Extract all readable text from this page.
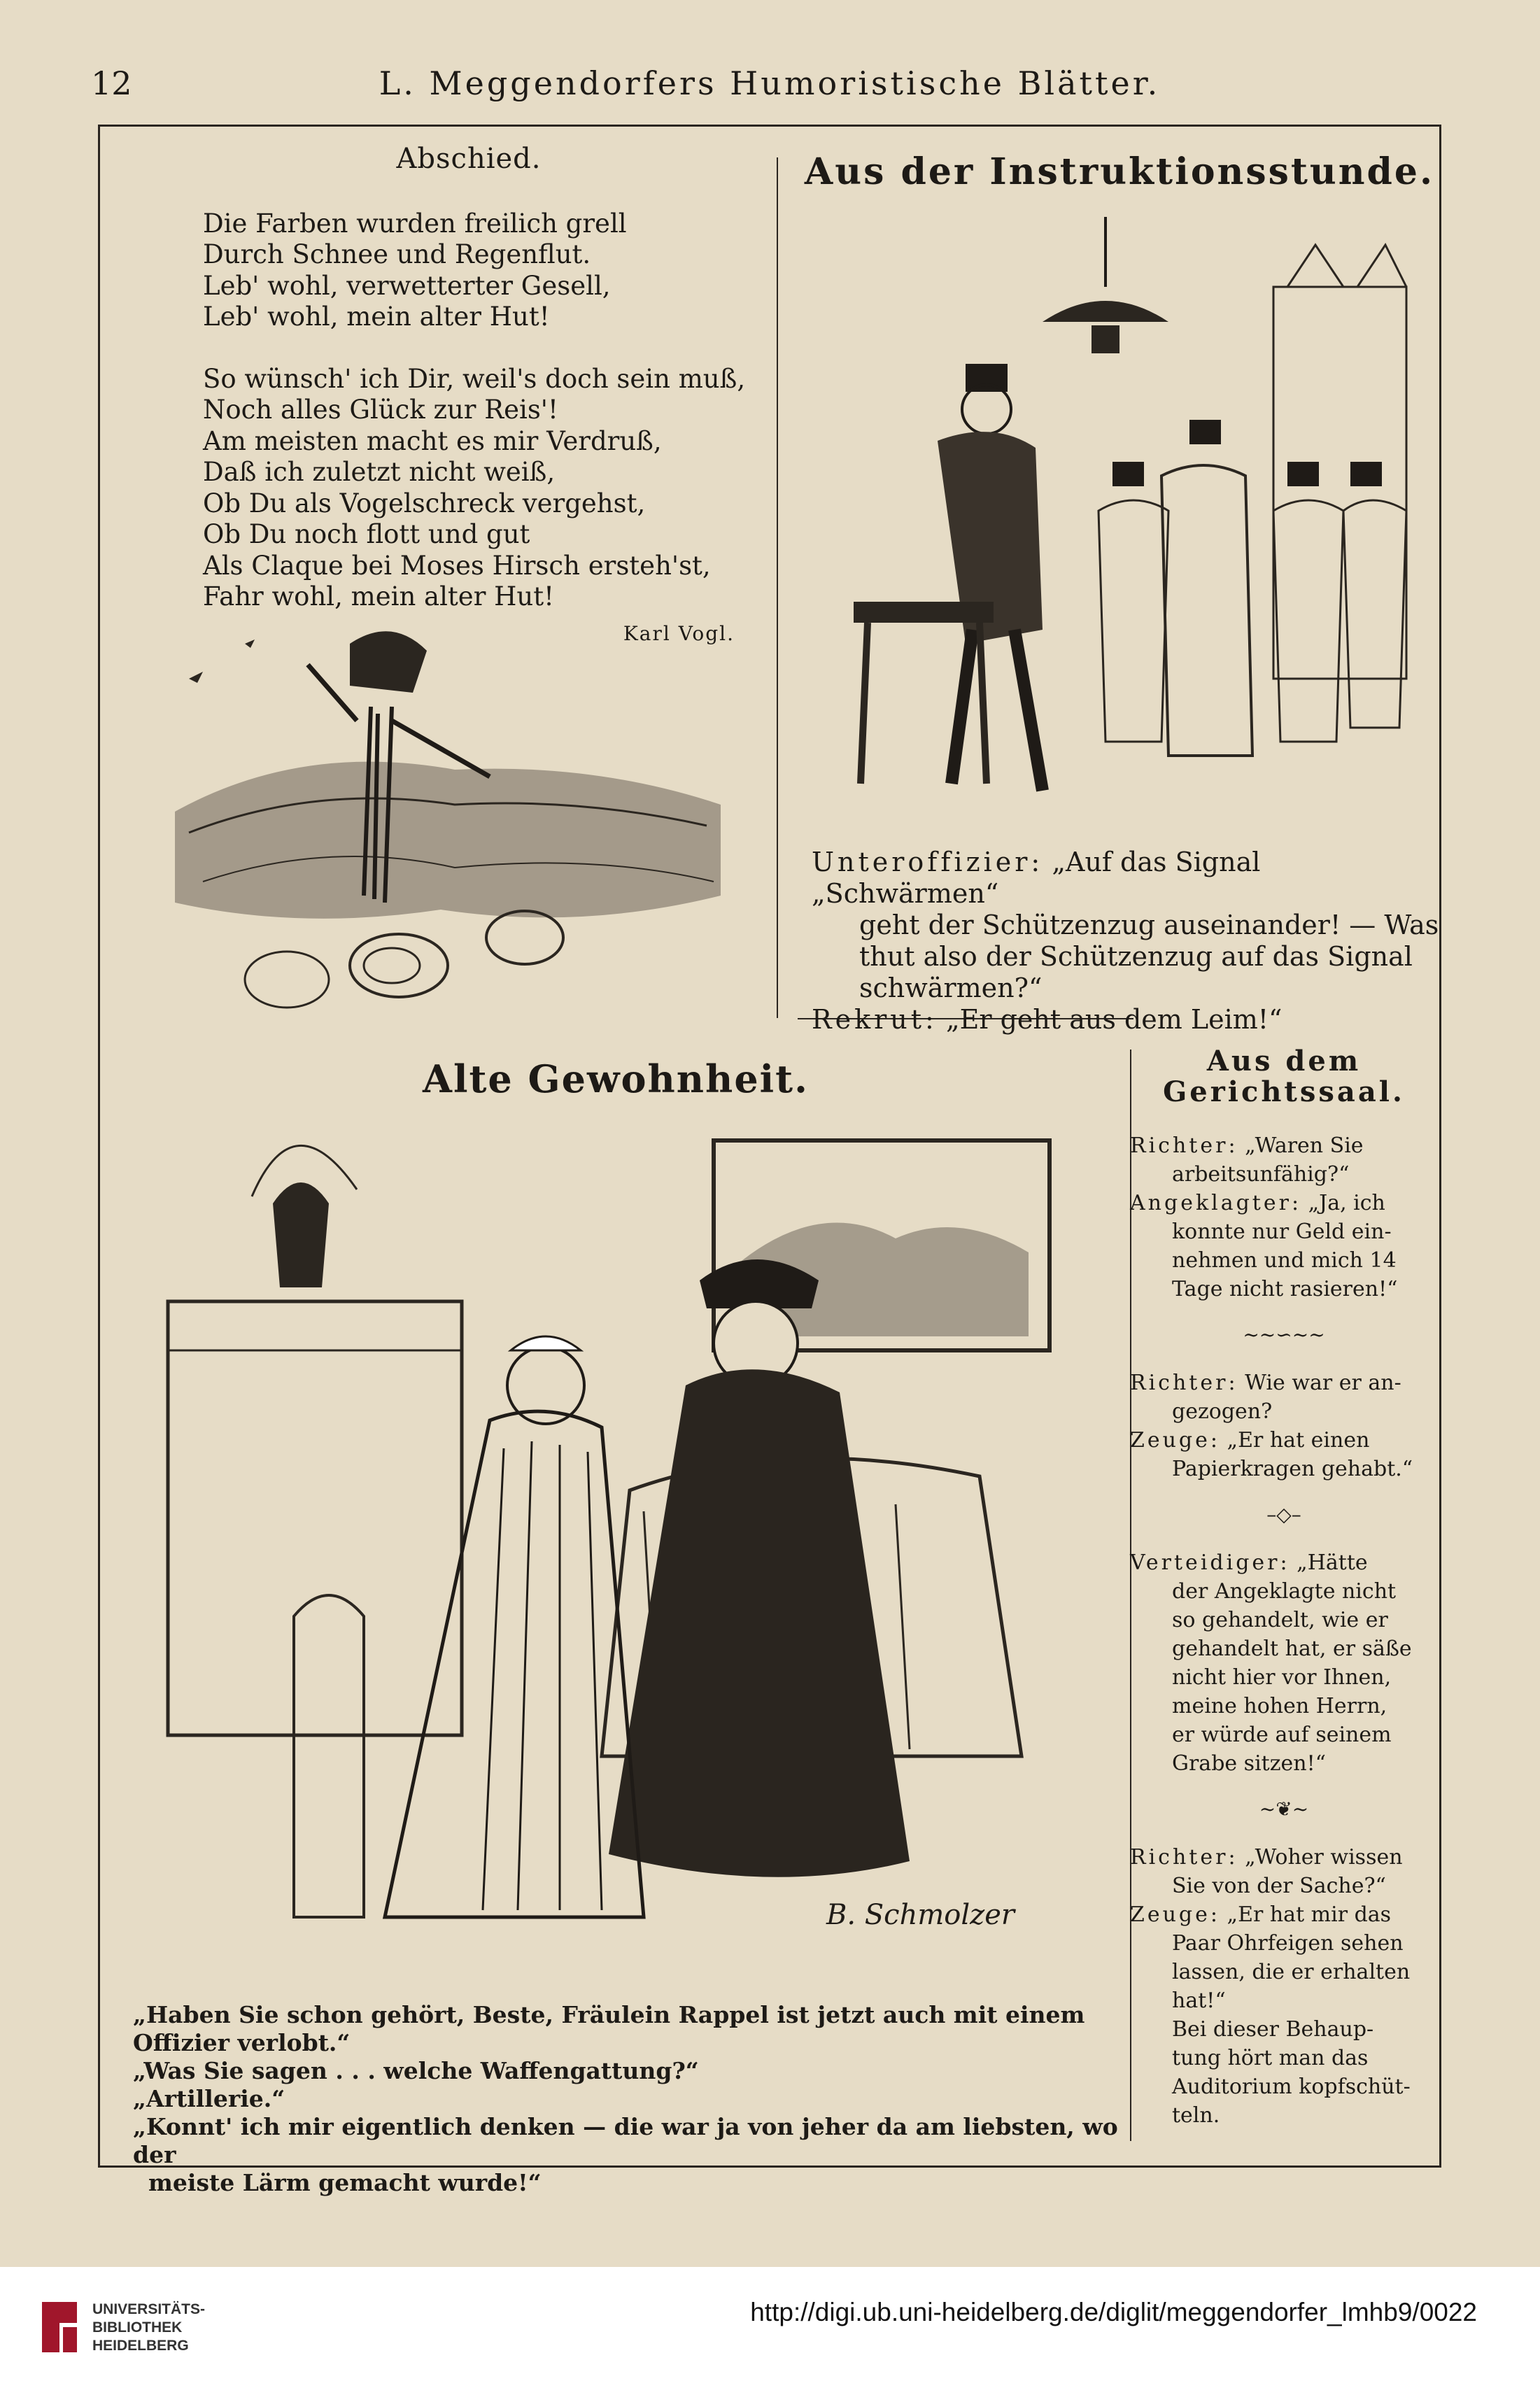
12	L. Meggendorfers Humoristische Blätter.
Abschied.
Die Farben wurden freilich grell
Durch Schnee und Regenflut.
Leb' wohl, verwetterter Gesell,
Leb' wohl, mein alter Hut!
So wünsch' ich Dir, weil's doch sein muß,
Noch alles Glück zur Reis'!
Am meisten macht es mir Verdruß,
Daß ich zuletzt nicht weiß,
Ob Du als Vogelschreck vergehst,
Ob Du noch flott und gut
Als Claque bei Moses Hirsch ersteh'st,
Fahr wohl, mein alter Hut!
Karl Vogl.
Aus der Instruktionsstunde.

Unteroffizier: „Auf das Signal „Schwärmen“

geht der Schützenzug auseinander! — Was

thut also der Schützenzug auf das Signal

schwärmen?“

Rekrut: „Er geht aus dem Leim!“

Alte Gewohnheit.
B. Schmolzer

„Haben Sie schon gehört, Beste, Fräulein Rappel ist jetzt auch mit einem Offizier verlobt.“

„Was Sie sagen . . . welche Waffengattung?“

„Artillerie.“

„Konnt' ich mir eigentlich denken — die war ja von jeher da am liebsten, wo der

meiste Lärm gemacht wurde!“

Aus dem
Gerichtssaal.

Richter: „Waren Sie

arbeitsunfähig?“

Angeklagter: „Ja, ich

konnte nur Geld ein-

nehmen und mich 14

Tage nicht rasieren!“

~~∽~~

Richter: Wie war er an-

gezogen?

Zeuge: „Er hat einen

Papierkragen gehabt.“

–◇–

Verteidiger: „Hätte

der Angeklagte nicht

so gehandelt, wie er

gehandelt hat, er säße

nicht hier vor Ihnen,

meine hohen Herrn,

er würde auf seinem

Grabe sitzen!“

~❦~

Richter: „Woher wissen

Sie von der Sache?“

Zeuge: „Er hat mir das

Paar Ohrfeigen sehen

lassen, die er erhalten

hat!“

Bei dieser Behaup-

tung hört man das

Auditorium kopfschüt-

teln.

UNIVERSITÄTS-
BIBLIOTHEK
HEIDELBERG
http://digi.ub.uni-heidelberg.de/diglit/meggendorfer_lmhb9/0022
